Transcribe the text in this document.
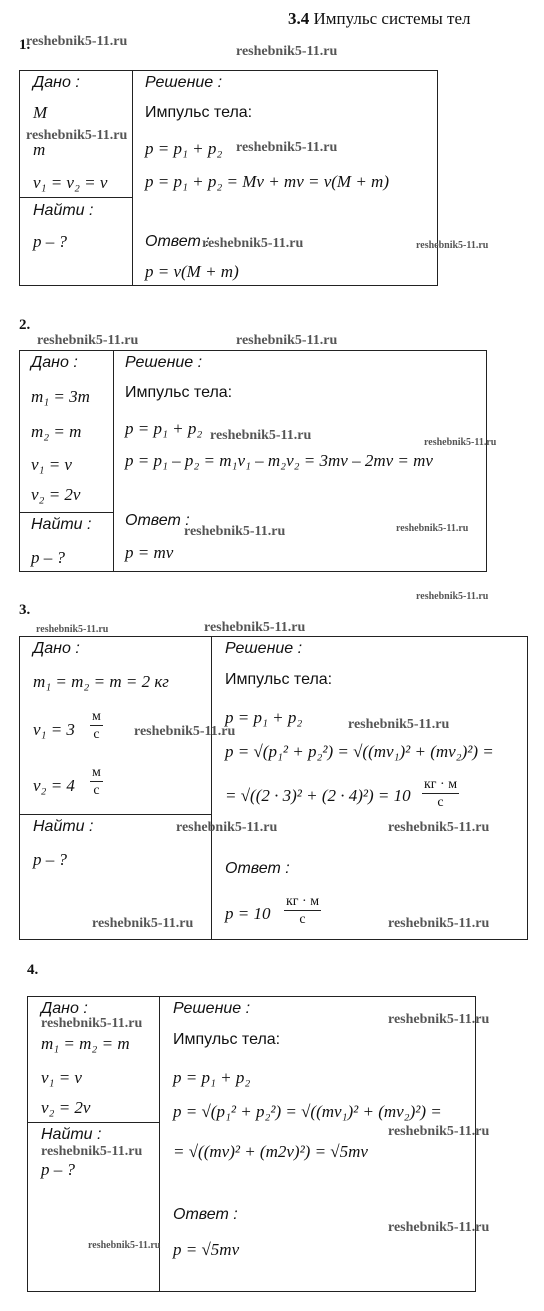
3.4 Импульс системы тел
1.
Дано :
M
m
v₁ = v₂ = v
Найти :
p – ?
Решение :
Импульс тела:
p = p₁ + p₂
p = p₁ + p₂ = Mv + mv = v(M + m)
Ответ :
p = v(M + m)
2.
Дано :
m₁ = 3m
m₂ = m
v₁ = v
v₂ = 2v
Найти :
p – ?
Решение :
Импульс тела:
p = p₁ + p₂
p = p₁ – p₂ = m₁v₁ – m₂v₂ = 3mv – 2mv = mv
Ответ :
p = mv
3.
Дано :
m₁ = m₂ = m = 2 кг
$v_1 = 3 \frac{м}{с}$
$v_2 = 4 \frac{м}{с}$
Найти :
p – ?
Решение :
Импульс тела:
p = p₁ + p₂
p = √(p₁² + p₂²) = √((mv₁)² + (mv₂)²) =
= $√((2 \cdot 3)^2 + (2 \cdot 4)^2) = 10 \frac{кг \cdot м}{с}$
Ответ :
$p = 10 \frac{кг \cdot м}{с}$
4.
Дано :
m₁ = m₂ = m
v₁ = v
v₂ = 2v
Найти :
p – ?
Решение :
Импульс тела:
p = p₁ + p₂
p = √(p₁² + p₂²) = √((mv₁)² + (mv₂)²) =
= √((mv)² + (m2v)²) = √5mv
Ответ :
p = √5mv
reshebnik5-11.ru
reshebnik5-11.ru
reshebnik5-11.ru
reshebnik5-11.ru
reshebnik5-11.ru	reshebnik5-11.ru
reshebnik5-11.ru	reshebnik5-11.ru
reshebnik5-11.ru	reshebnik5-11.ru
reshebnik5-11.ru	reshebnik5-11.ru
reshebnik5-11.ru
reshebnik5-11.ru	reshebnik5-11.ru
reshebnik5-11.ru	reshebnik5-11.ru
reshebnik5-11.ru	reshebnik5-11.ru
reshebnik5-11.ru	reshebnik5-11.ru
reshebnik5-11.ru	reshebnik5-11.ru
reshebnik5-11.ru
reshebnik5-11.ru
reshebnik5-11.ru
reshebnik5-11.ru
